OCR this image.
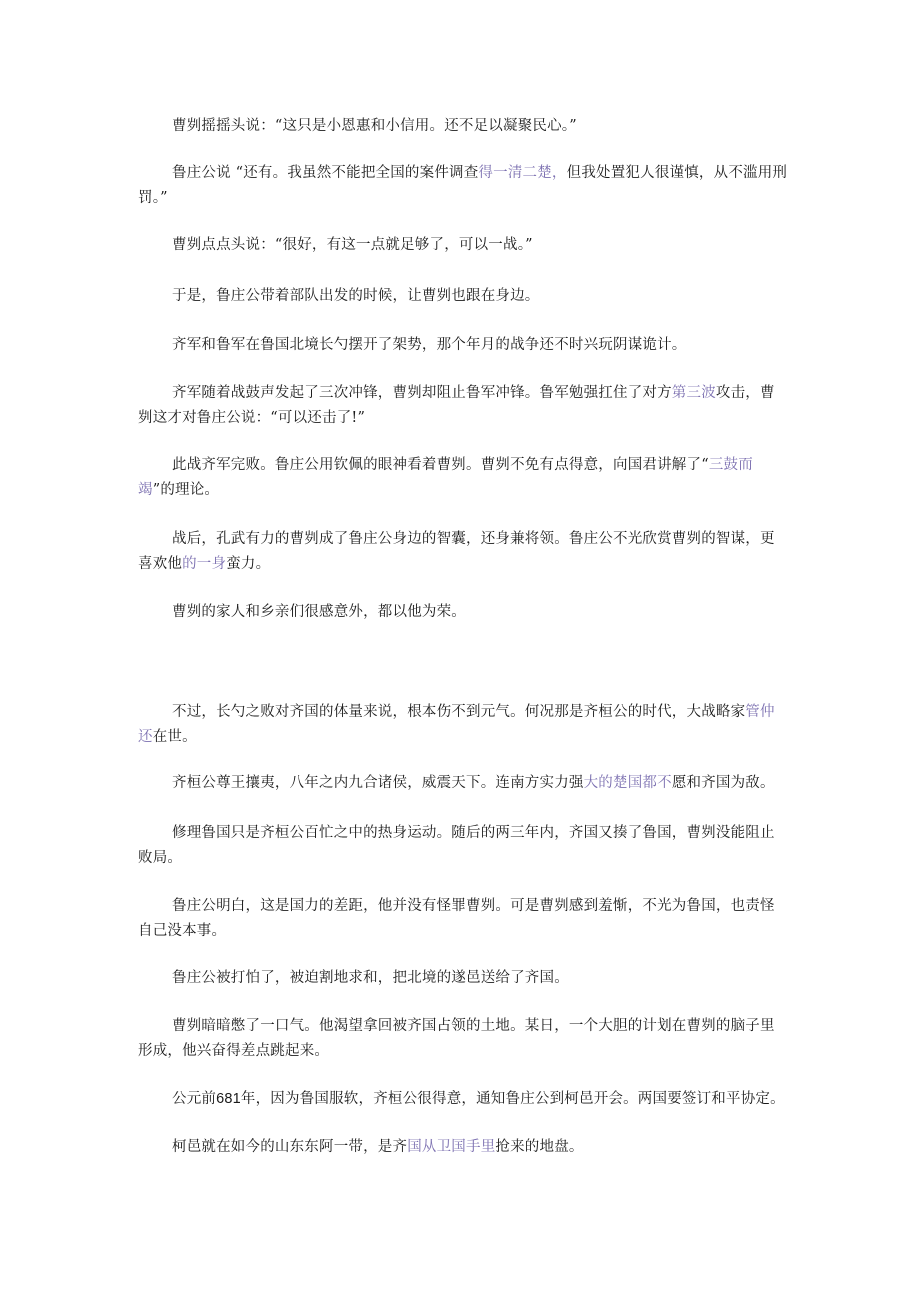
曹刿摇摇头说：“这只是小恩惠和小信用。还不足以凝聚民心。”

鲁庄公说 “还有。我虽然不能把全国的案件调查得一清二楚，但我处置犯人很谨慎，从不滥用刑罚。”

曹刿点点头说：“很好，有这一点就足够了，可以一战。”

于是，鲁庄公带着部队出发的时候，让曹刿也跟在身边。

齐军和鲁军在鲁国北境长勺摆开了架势，那个年月的战争还不时兴玩阴谋诡计。

齐军随着战鼓声发起了三次冲锋，曹刿却阻止鲁军冲锋。鲁军勉强扛住了对方第三波攻击，曹刿这才对鲁庄公说：“可以还击了!”

此战齐军完败。鲁庄公用钦佩的眼神看着曹刿。曹刿不免有点得意，向国君讲解了“三鼓而竭”的理论。

战后，孔武有力的曹刿成了鲁庄公身边的智囊，还身兼将领。鲁庄公不光欣赏曹刿的智谋，更喜欢他的一身蛮力。

曹刿的家人和乡亲们很感意外，都以他为荣。

不过，长勺之败对齐国的体量来说，根本伤不到元气。何况那是齐桓公的时代，大战略家管仲还在世。

齐桓公尊王攘夷，八年之内九合诸侯，威震天下。连南方实力强大的楚国都不愿和齐国为敌。

修理鲁国只是齐桓公百忙之中的热身运动。随后的两三年内，齐国又揍了鲁国，曹刿没能阻止败局。

鲁庄公明白，这是国力的差距，他并没有怪罪曹刿。可是曹刿感到羞惭，不光为鲁国，也责怪自己没本事。

鲁庄公被打怕了，被迫割地求和，把北境的遂邑送给了齐国。

曹刿暗暗憋了一口气。他渴望拿回被齐国占领的土地。某日，一个大胆的计划在曹刿的脑子里形成，他兴奋得差点跳起来。

公元前681年，因为鲁国服软，齐桓公很得意，通知鲁庄公到柯邑开会。两国要签订和平协定。

柯邑就在如今的山东东阿一带，是齐国从卫国手里抢来的地盘。
